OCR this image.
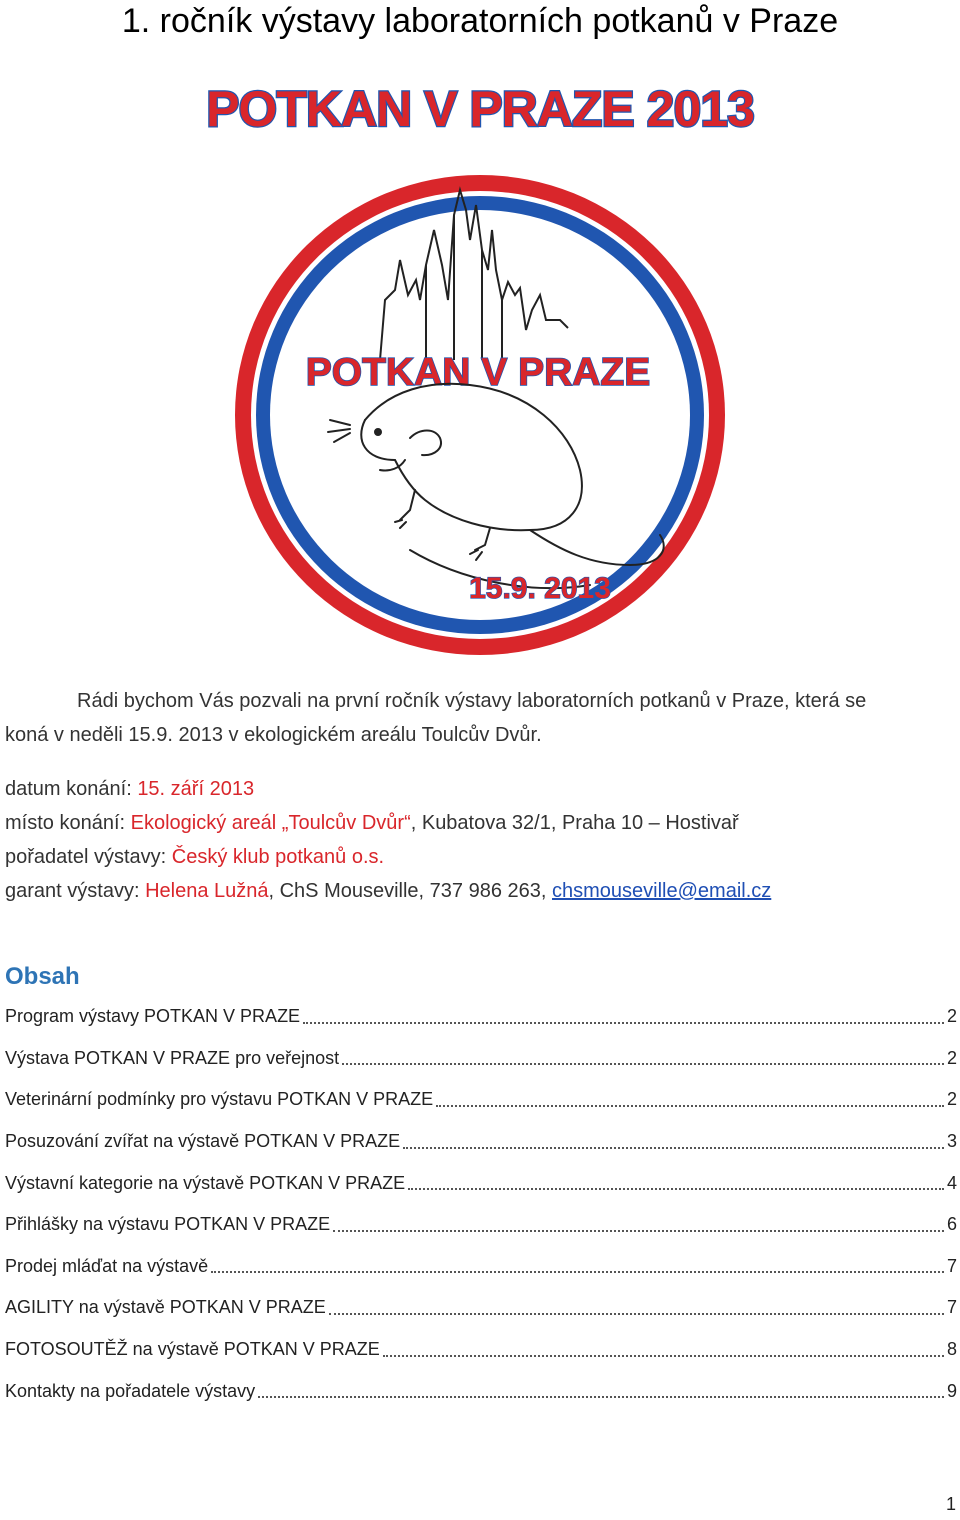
1. ročník výstavy laboratorních potkanů v Praze
POTKAN V PRAZE 2013
POTKAN V PRAZE
15.9. 2013
Rádi bychom Vás pozvali na první ročník výstavy laboratorních potkanů v Praze, která se
koná v neděli 15.9. 2013 v ekologickém areálu Toulcův Dvůr.
datum konání: 15. září 2013
místo konání: Ekologický areál „Toulcův Dvůr“, Kubatova 32/1, Praha 10 – Hostivař
pořadatel výstavy: Český klub potkanů o.s.
garant výstavy: Helena Lužná, ChS Mouseville, 737 986 263, chsmouseville@email.cz
Obsah
Program výstavy POTKAN V PRAZE	2
Výstava POTKAN V PRAZE pro veřejnost	2
Veterinární podmínky pro výstavu POTKAN V PRAZE	2
Posuzování zvířat na výstavě POTKAN V PRAZE	3
Výstavní kategorie na výstavě POTKAN V PRAZE	4
Přihlášky na výstavu POTKAN V PRAZE	6
Prodej mláďat na výstavě	7
AGILITY na výstavě POTKAN V PRAZE	7
FOTOSOUTĚŽ na výstavě POTKAN V PRAZE	8
Kontakty na pořadatele výstavy	9
1
